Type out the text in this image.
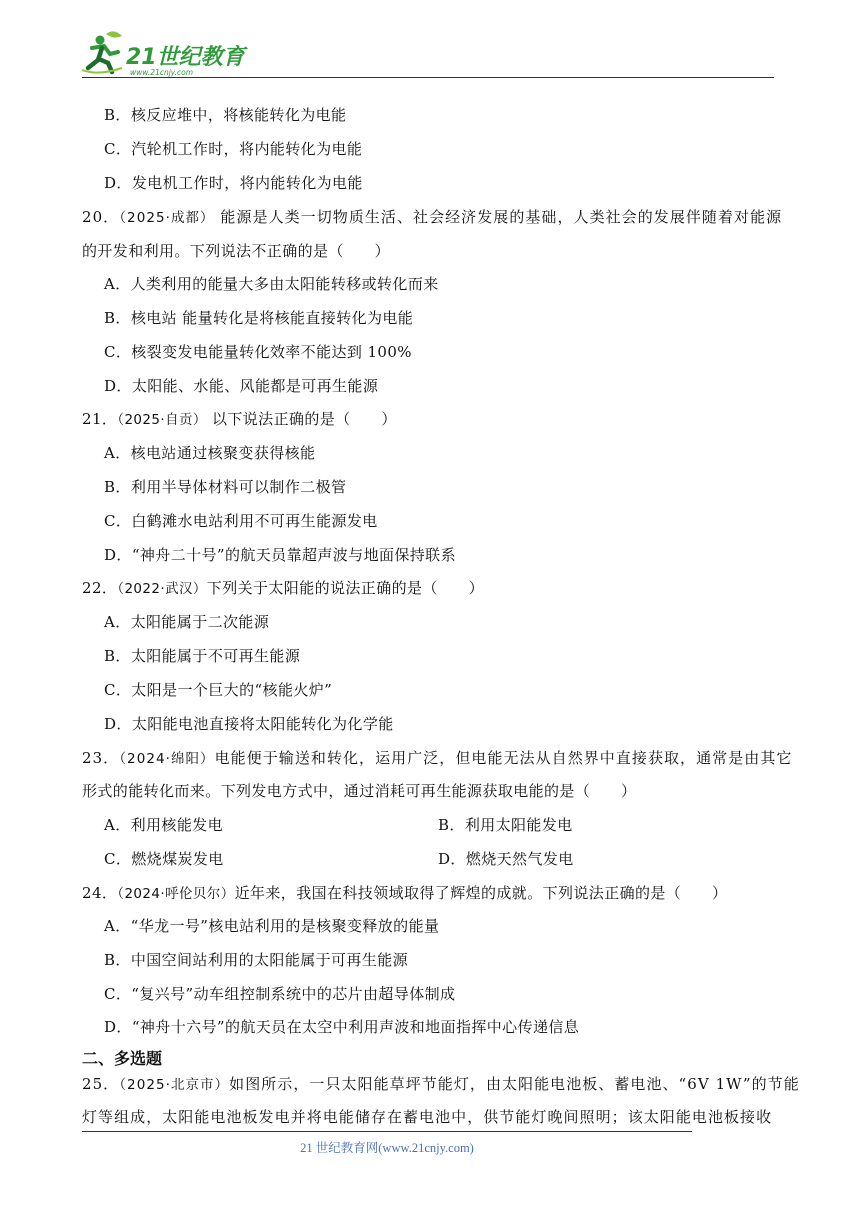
21世纪教育
www.21cnjy.com
B．核反应堆中，将核能转化为电能
C．汽轮机工作时，将内能转化为电能
D．发电机工作时，将内能转化为电能
20．（2025·成都） 能源是人类一切物质生活、社会经济发展的基础，人类社会的发展伴随着对能源
的开发和利用。下列说法不正确的是（　　）
A．人类利用的能量大多由太阳能转移或转化而来
B．核电站 能量转化是将核能直接转化为电能
C．核裂变发电能量转化效率不能达到 100%
D．太阳能、水能、风能都是可再生能源
21．（2025·自贡） 以下说法正确的是（　　）
A．核电站通过核聚变获得核能
B．利用半导体材料可以制作二极管
C．白鹤滩水电站利用不可再生能源发电
D．“神舟二十号”的航天员靠超声波与地面保持联系
22．（2022·武汉）下列关于太阳能的说法正确的是（　　）
A．太阳能属于二次能源
B．太阳能属于不可再生能源
C．太阳是一个巨大的“核能火炉”
D．太阳能电池直接将太阳能转化为化学能
23．（2024·绵阳）电能便于输送和转化，运用广泛，但电能无法从自然界中直接获取，通常是由其它
形式的能转化而来。下列发电方式中，通过消耗可再生能源获取电能的是（　　）
A．利用核能发电	B．利用太阳能发电
C．燃烧煤炭发电	D．燃烧天然气发电
24．（2024·呼伦贝尔）近年来，我国在科技领域取得了辉煌的成就。下列说法正确的是（　　）
A．“华龙一号”核电站利用的是核聚变释放的能量
B．中国空间站利用的太阳能属于可再生能源
C．“复兴号”动车组控制系统中的芯片由超导体制成
D．“神舟十六号”的航天员在太空中利用声波和地面指挥中心传递信息
二、多选题
25．（2025·北京市）如图所示，一只太阳能草坪节能灯，由太阳能电池板、蓄电池、“6V 1W”的节能
灯等组成，太阳能电池板发电并将电能储存在蓄电池中，供节能灯晚间照明；该太阳能电池板接收
21 世纪教育网(www.21cnjy.com)
